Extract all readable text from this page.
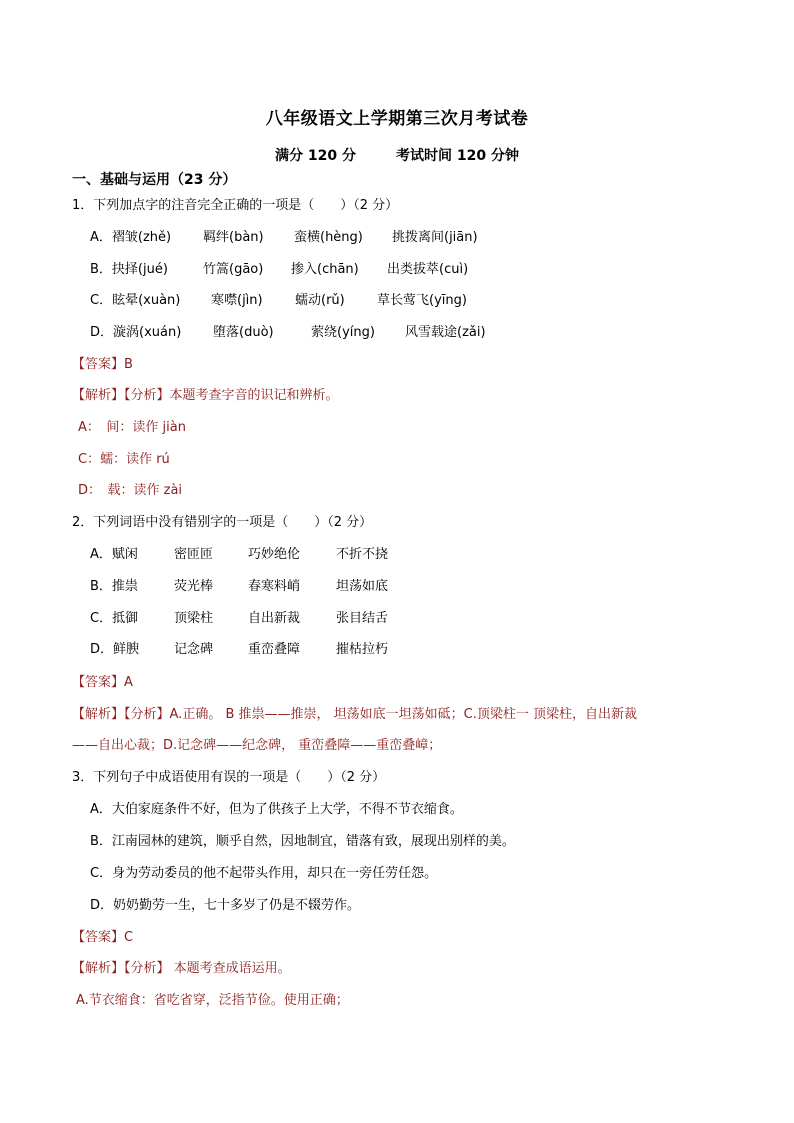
八年级语文上学期第三次月考试卷
满分 120 分	考试时间 120 分钟
一、基础与运用（23 分）
1．下列加点字的注音完全正确的一项是（　　）（2 分）
A．褶皱(zhě) 羁绊(bàn) 蛮横(hèng) 挑拨离间(jiān)
B．抉择(jué)	竹篙(gāo) 掺入(chān) 出类拔萃(cuì)
C．眩晕(xuàn) 寒噤(jìn) 蠕动(rǔ) 草长莺飞(yīng)
D．漩涡(xuán) 堕落(duò)	萦绕(yíng) 风雪载途(zǎi)
【答案】B
【解析】【分析】本题考查字音的识记和辨析。
A：　间：读作 jiàn
C：蠕：读作 rú
D：　载：读作 zài
2．下列词语中没有错别字的一项是（　　）（2 分）
A．赋闲	密匝匝	巧妙绝伦	不折不挠
B．推祟	荧光棒	春寒料峭	坦荡如底
C．抵御	顶梁柱	自出新裁	张目结舌
D．鲜腴	记念碑	重峦叠障	摧枯拉朽
【答案】A
【解析】【分析】A.正确。 B 推祟——推崇， 坦荡如底一坦荡如砥；C.顶梁柱一 顶梁柱，自出新裁
——自出心裁；D.记念碑——纪念碑， 重峦叠障——重峦叠嶂；
3．下列句子中成语使用有误的一项是（　　）（2 分）
A．大伯家庭条件不好，但为了供孩子上大学，不得不节衣缩食。
B．江南园林的建筑，顺乎自然，因地制宜，错落有致，展现出别样的美。
C．身为劳动委员的他不起带头作用，却只在一旁任劳任怨。
D．奶奶勤劳一生，七十多岁了仍是不辍劳作。
【答案】C
【解析】【分析】 本题考查成语运用。
A.节衣缩食：省吃省穿，泛指节俭。使用正确；
